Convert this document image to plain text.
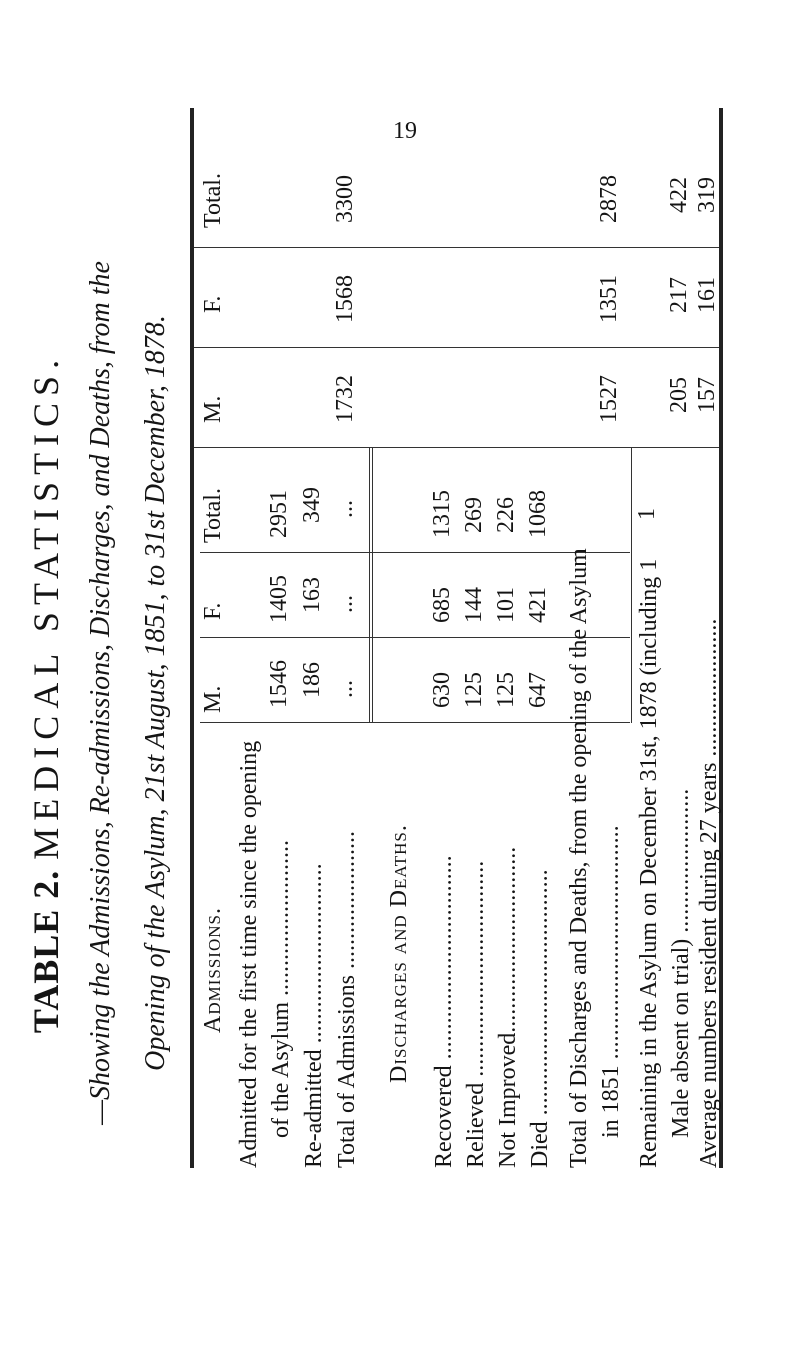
19
TABLE 2. MEDICAL STATISTICS. —Showing the Admissions, Re-admissions, Discharges, and Deaths, from the Opening of the Asylum, 21st August, 1851, to 31st December, 1878. M.
F.
Total.
M.
F.
Total.
Admissions. Admitted for the first time since the opening of the Asylum ..........................
1546
1405
2951
Re-admitted ..............................
186
163
349
Total of Admissions .......................
...
...
...
1732
1568
3300
Discharges and Deaths. Recovered ..................................
630
685
1315
Relieved ....................................
125
144
269
Not Improved...............................
125
101
226
Died .........................................
647
421
1068
Total of Discharges and Deaths, from the opening of the Asylum in 1851 .......................................
1527
1351
2878
Remaining in the Asylum on December 31st, 1878 (including 1
1
Male absent on trial) ........................
205
217
422
Average numbers resident during 27 years .......................
157
161
319
